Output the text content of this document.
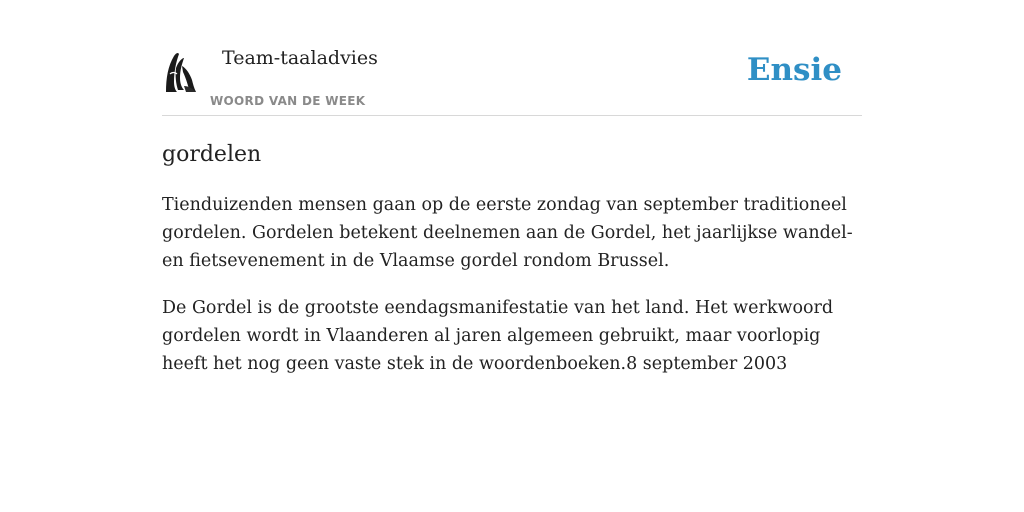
Team-taaladvies
WOORD VAN DE WEEK
Ensie
gordelen

Tienduizenden mensen gaan op de eerste zondag van september traditioneel gordelen. Gordelen betekent deelnemen aan de Gordel, het jaarlijkse wandel- en fietsevenement in de Vlaamse gordel rondom Brussel.

De Gordel is de grootste eendagsmanifestatie van het land. Het werkwoord gordelen wordt in Vlaanderen al jaren algemeen gebruikt, maar voorlopig heeft het nog geen vaste stek in de woordenboeken.8 september 2003
